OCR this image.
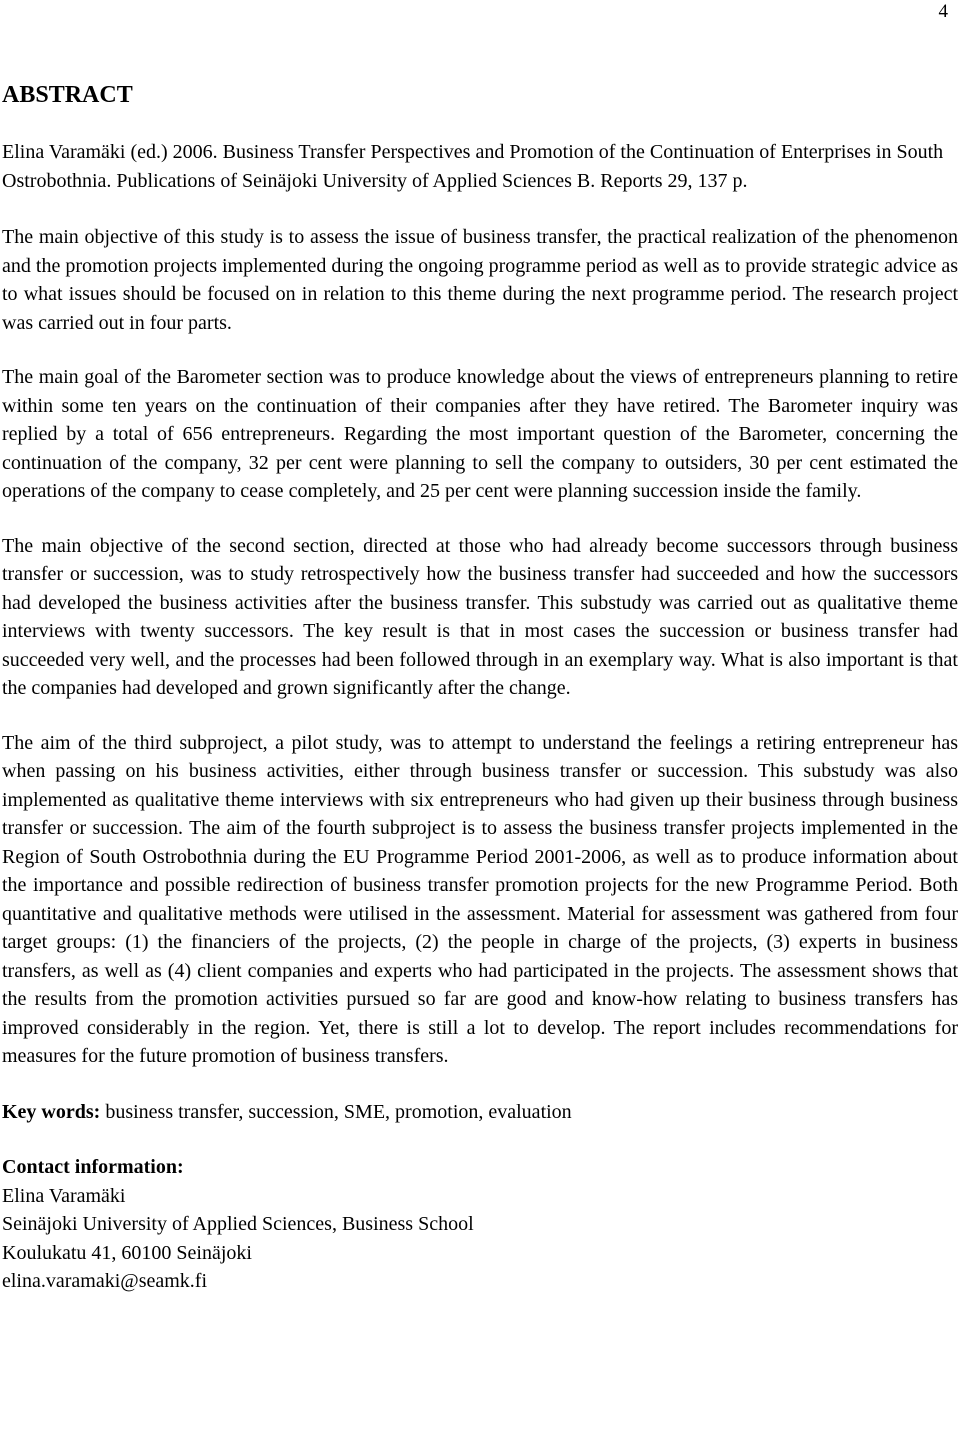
4
ABSTRACT

Elina Varamäki (ed.) 2006. Business Transfer Perspectives and Promotion of the Continuation of Enterprises in South Ostrobothnia. Publications of Seinäjoki University of Applied Sciences B. Reports 29, 137 p.

The main objective of this study is to assess the issue of business transfer, the practical realization of the phenomenon and the promotion projects implemented during the ongoing programme period as well as to provide strategic advice as to what issues should be focused on in relation to this theme during the next programme period. The research project was carried out in four parts.

The main goal of the Barometer section was to produce knowledge about the views of entrepreneurs planning to retire within some ten years on the continuation of their companies after they have retired. The Barometer inquiry was replied by a total of 656 entrepreneurs. Regarding the most important question of the Barometer, concerning the continuation of the company, 32 per cent were planning to sell the company to outsiders, 30 per cent estimated the operations of the company to cease completely, and 25 per cent were planning succession inside the family.

The main objective of the second section, directed at those who had already become successors through business transfer or succession, was to study retrospectively how the business transfer had succeeded and how the successors had developed the business activities after the business transfer. This substudy was carried out as qualitative theme interviews with twenty successors. The key result is that in most cases the succession or business transfer had succeeded very well, and the processes had been followed through in an exemplary way. What is also important is that the companies had developed and grown significantly after the change.

The aim of the third subproject, a pilot study, was to attempt to understand the feelings a retiring entrepreneur has when passing on his business activities, either through business transfer or succession. This substudy was also implemented as qualitative theme interviews with six entrepreneurs who had given up their business through business transfer or succession. The aim of the fourth subproject is to assess the business transfer projects implemented in the Region of South Ostrobothnia during the EU Programme Period 2001-2006, as well as to produce information about the importance and possible redirection of business transfer promotion projects for the new Programme Period. Both quantitative and qualitative methods were utilised in the assessment. Material for assessment was gathered from four target groups: (1) the financiers of the projects, (2) the people in charge of the projects, (3) experts in business transfers, as well as (4) client companies and experts who had participated in the projects. The assessment shows that the results from the promotion activities pursued so far are good and know-how relating to business transfers has improved considerably in the region. Yet, there is still a lot to develop. The report includes recommendations for measures for the future promotion of business transfers.

Key words: business transfer, succession, SME, promotion, evaluation

Contact information:
Elina Varamäki
Seinäjoki University of Applied Sciences, Business School
Koulukatu 41, 60100 Seinäjoki
elina.varamaki@seamk.fi
